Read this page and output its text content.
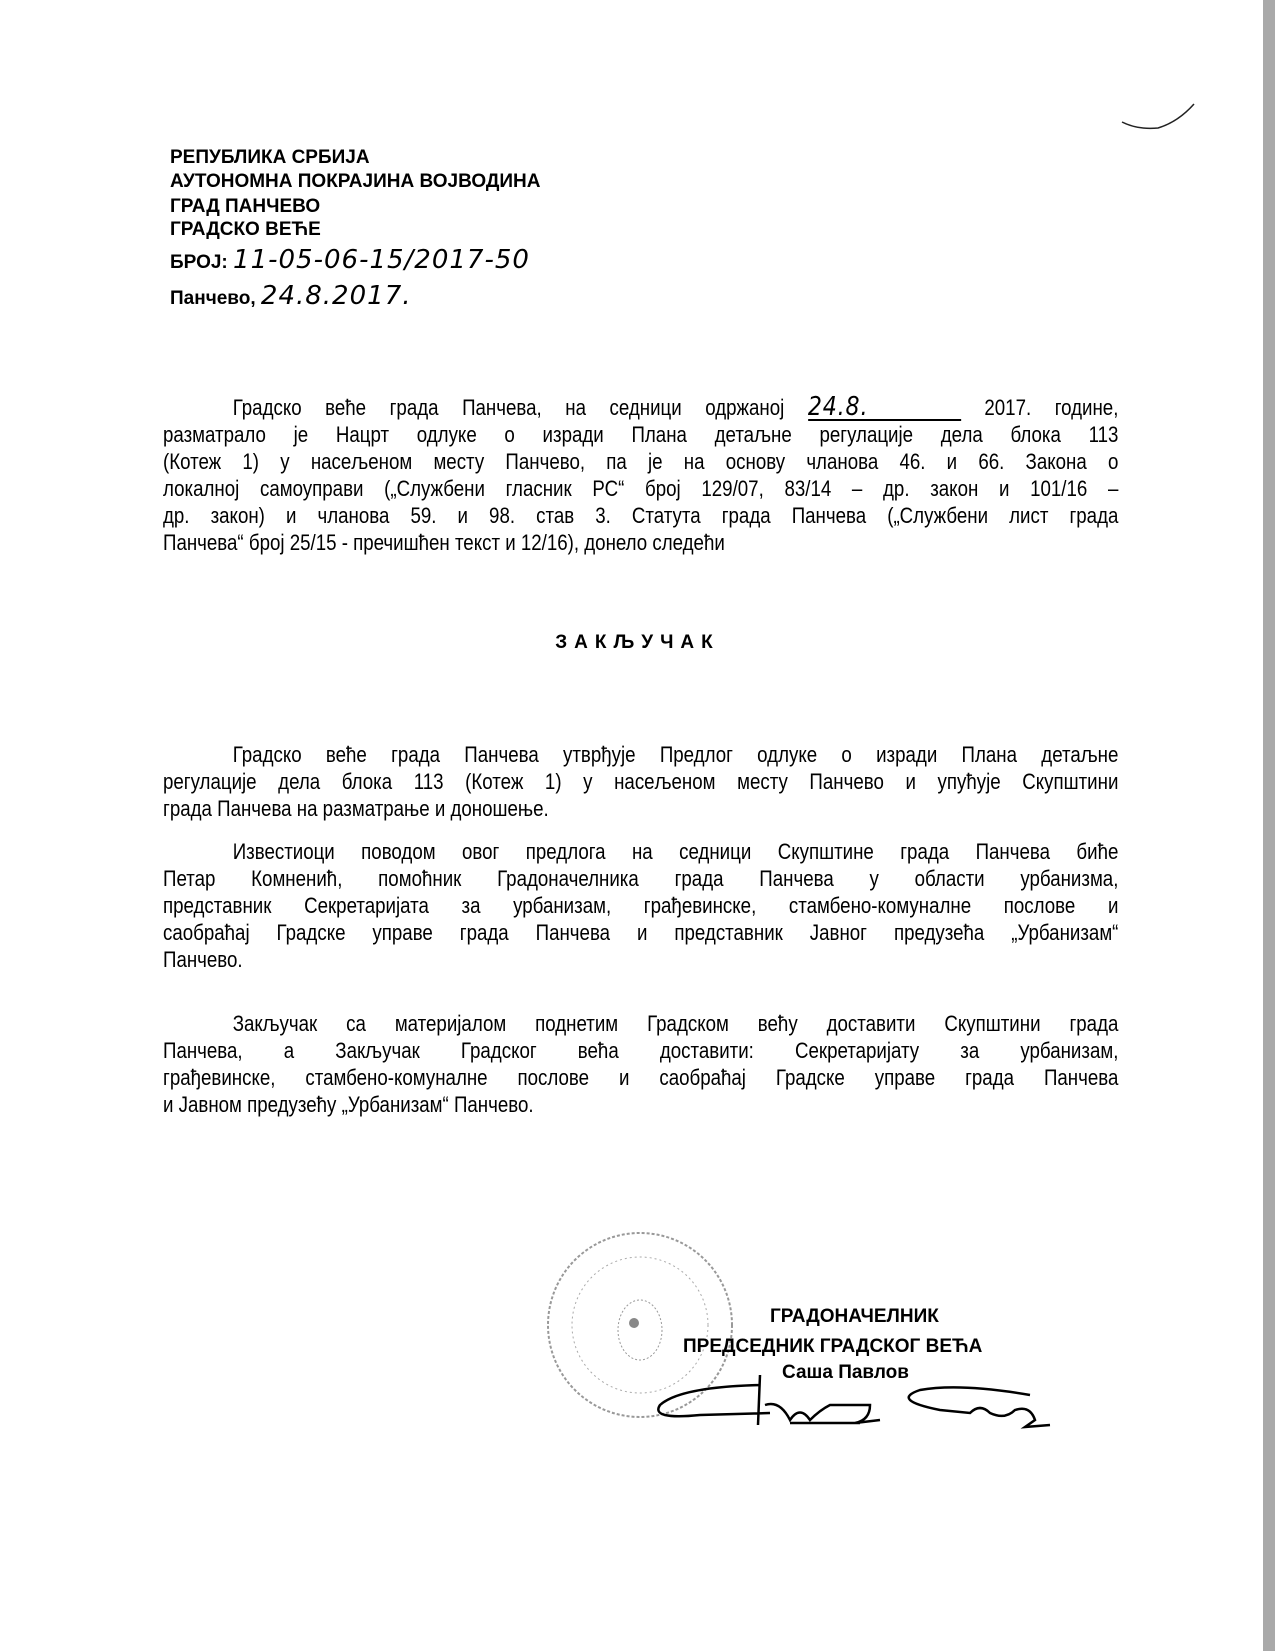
РЕПУБЛИКА СРБИЈА
АУТОНОМНА ПОКРАЈИНА ВОЈВОДИНА
ГРАД ПАНЧЕВО
ГРАДСКО ВЕЋЕ
БРОЈ: 11-05-06-15/2017-50
Панчево, 24.8.2017.
Градско веће града Панчева, на седници одржаној 24.8.	2017. године,
разматрало је Нацрт одлуке о изради Плана детаљне регулације дела блока 113
(Котеж 1) у насељеном месту Панчево, па је на основу чланова 46. и 66. Закона о
локалној самоуправи („Службени гласник РС“ број 129/07, 83/14 – др. закон и 101/16 –
др. закон) и чланова 59. и 98. став 3. Статута града Панчева („Службени лист града
Панчева“ број 25/15 - пречишћен текст и 12/16), донело следећи
ЗАКЉУЧАК
Градско веће града Панчева утврђује Предлог одлуке о изради Плана детаљне
регулације дела блока 113 (Котеж 1) у насељеном месту Панчево и упућује Скупштини
града Панчева на разматрање и доношење.
Известиоци поводом овог предлога на седници Скупштине града Панчева биће
Петар Комненић, помоћник Градоначелника града Панчева у области урбанизма,
представник Секретаријата за урбанизам, грађевинске, стамбено-комуналне послове и
саобраћај Градске управе града Панчева и представник Јавног предузећа „Урбанизам“
Панчево.
Закључак са материјалом поднетим Градском већу доставити Скупштини града
Панчева, а Закључак Градског већа доставити: Секретаријату за урбанизам,
грађевинске, стамбено-комуналне послове и саобраћај Градске управе града Панчева
и Јавном предузећу „Урбанизам“ Панчево.
ГРАДОНАЧЕЛНИК
ПРЕДСЕДНИК ГРАДСКОГ ВЕЋА
Саша Павлов
